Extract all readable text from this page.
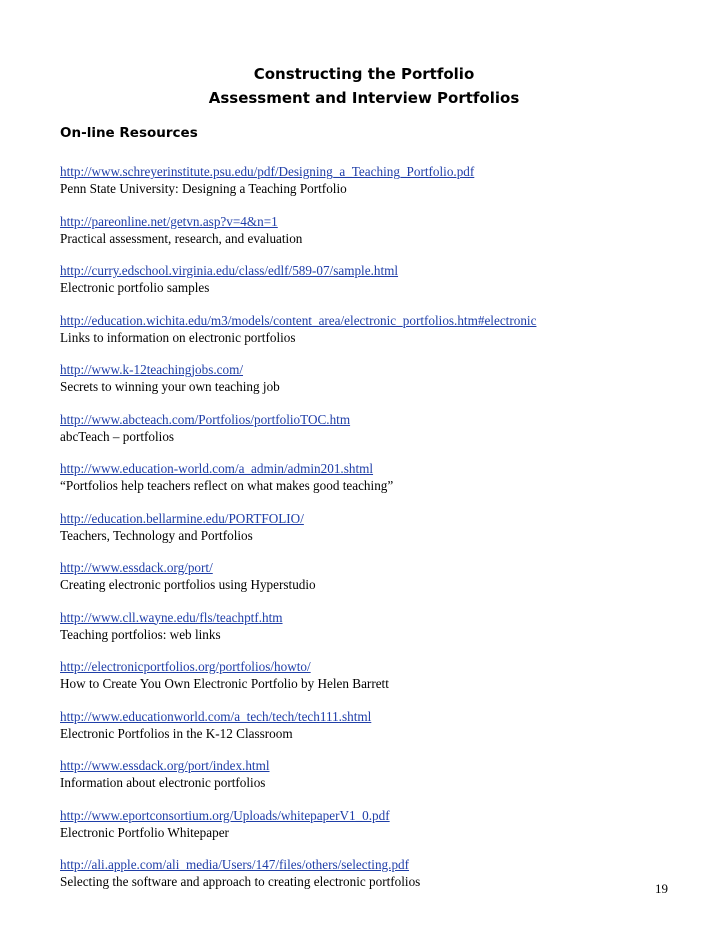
Constructing the Portfolio
Assessment and Interview Portfolios
On-line Resources
http://www.schreyerinstitute.psu.edu/pdf/Designing_a_Teaching_Portfolio.pdf
Penn State University: Designing a Teaching Portfolio
http://pareonline.net/getvn.asp?v=4&n=1
Practical assessment, research, and evaluation
http://curry.edschool.virginia.edu/class/edlf/589-07/sample.html
Electronic portfolio samples
http://education.wichita.edu/m3/models/content_area/electronic_portfolios.htm#electronic
Links to information on electronic portfolios
http://www.k-12teachingjobs.com/
Secrets to winning your own teaching job
http://www.abcteach.com/Portfolios/portfolioTOC.htm
abcTeach – portfolios
http://www.education-world.com/a_admin/admin201.shtml
“Portfolios help teachers reflect on what makes good teaching”
http://education.bellarmine.edu/PORTFOLIO/
Teachers, Technology and Portfolios
http://www.essdack.org/port/
Creating electronic portfolios using Hyperstudio
http://www.cll.wayne.edu/fls/teachptf.htm
Teaching portfolios: web links
http://electronicportfolios.org/portfolios/howto/
How to Create You Own Electronic Portfolio by Helen Barrett
http://www.educationworld.com/a_tech/tech/tech111.shtml
Electronic Portfolios in the K-12 Classroom
http://www.essdack.org/port/index.html
Information about electronic portfolios
http://www.eportconsortium.org/Uploads/whitepaperV1_0.pdf
Electronic Portfolio Whitepaper
http://ali.apple.com/ali_media/Users/147/files/others/selecting.pdf
Selecting the software and approach to creating electronic portfolios	19
